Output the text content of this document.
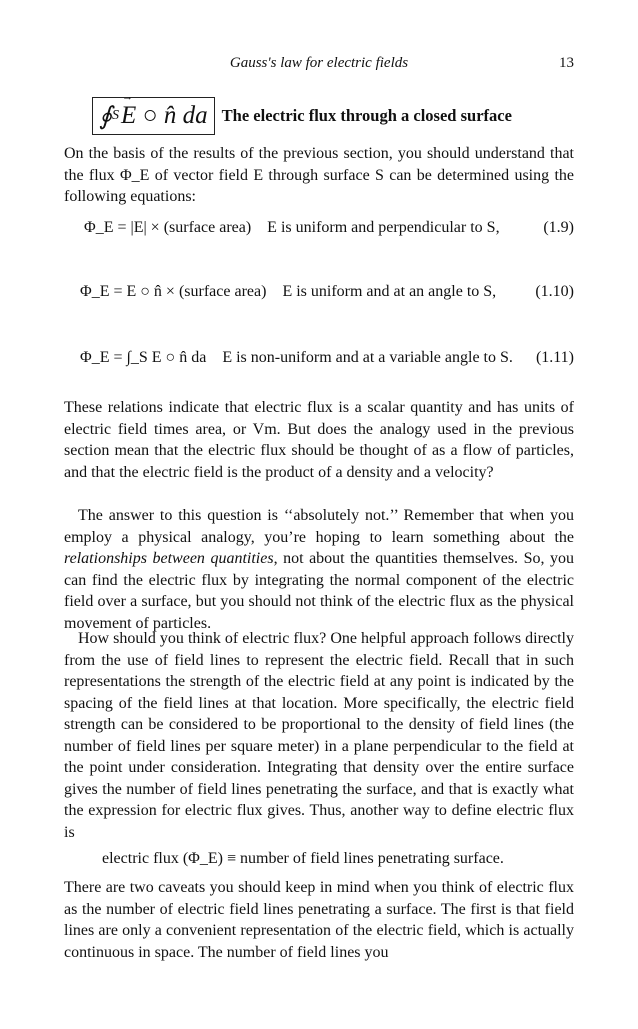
Gauss's law for electric fields	13
∮ S
→ E
○ n̂ da The electric flux through a closed surface

On the basis of the results of the previous section, you should understand that the flux Φ_E of vector field E through surface S can be determined using the following equations:

Φ_E = |E| × (surface area) E is uniform and perpendicular to S,	(1.9)
Φ_E = E ○ n̂ × (surface area) E is uniform and at an angle to S, (1.10)
Φ_E = ∫_S E ○ n̂ da E is non-uniform and at a variable angle to S. (1.11)

These relations indicate that electric flux is a scalar quantity and has units of electric field times area, or Vm. But does the analogy used in the previous section mean that the electric flux should be thought of as a flow of particles, and that the electric field is the product of a density and a velocity?

The answer to this question is ‘‘absolutely not.’’ Remember that when you employ a physical analogy, you’re hoping to learn something about the relationships between quantities, not about the quantities themselves. So, you can find the electric flux by integrating the normal component of the electric field over a surface, but you should not think of the electric flux as the physical movement of particles.

How should you think of electric flux? One helpful approach follows directly from the use of field lines to represent the electric field. Recall that in such representations the strength of the electric field at any point is indicated by the spacing of the field lines at that location. More specifically, the electric field strength can be considered to be proportional to the density of field lines (the number of field lines per square meter) in a plane perpendicular to the field at the point under consideration. Integrating that density over the entire surface gives the number of field lines penetrating the surface, and that is exactly what the expression for electric flux gives. Thus, another way to define electric flux is

electric flux (Φ_E) ≡ number of field lines penetrating surface.

There are two caveats you should keep in mind when you think of electric flux as the number of electric field lines penetrating a surface. The first is that field lines are only a convenient representation of the electric field, which is actually continuous in space. The number of field lines you
